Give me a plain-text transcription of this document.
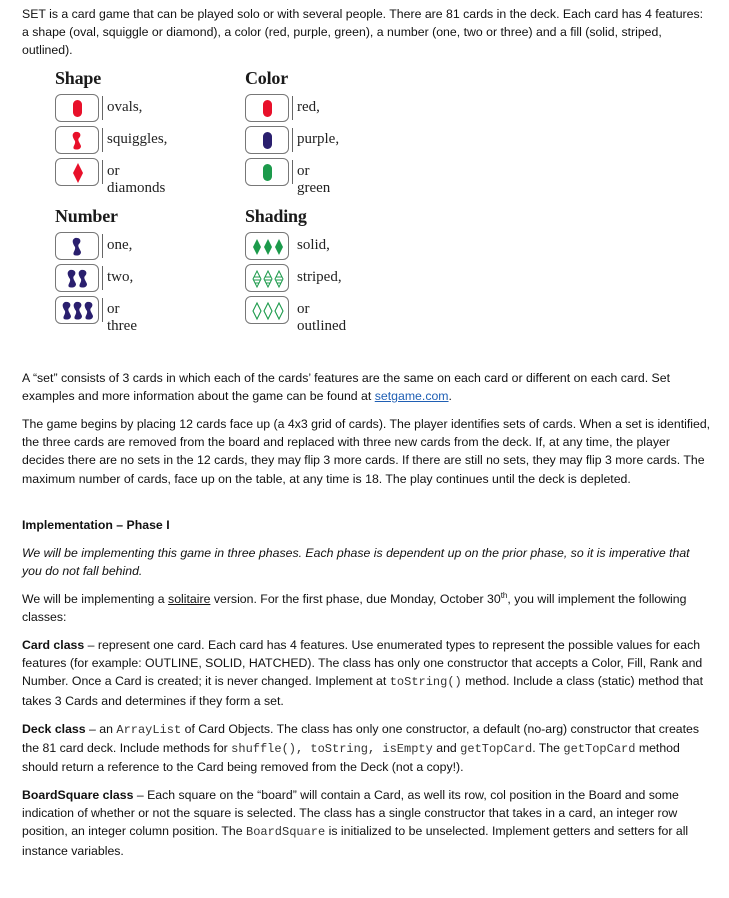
SET is a card game that can be played solo or with several people. There are 81 cards in the deck. Each card has 4 features: a shape (oval, squiggle or diamond), a color (red, purple, green), a number (one, two or three) and a fill (solid, striped, outlined).

Shape
ovals,
squiggles,
or diamonds
Color
red,
purple,
or green
Number
one,
two,
or three
Shading
solid,
striped,
or outlined

A “set” consists of 3 cards in which each of the cards’ features are the same on each card or different on each card. Set examples and more information about the game can be found at setgame.com.

The game begins by placing 12 cards face up (a 4x3 grid of cards). The player identifies sets of cards. When a set is identified, the three cards are removed from the board and replaced with three new cards from the deck. If, at any time, the player decides there are no sets in the 12 cards, they may flip 3 more cards. If there are still no sets, they may flip 3 more cards. The maximum number of cards, face up on the table, at any time is 18. The play continues until the deck is depleted.

Implementation – Phase I

We will be implementing this game in three phases. Each phase is dependent up on the prior phase, so it is imperative that you do not fall behind.

We will be implementing a solitaire version. For the first phase, due Monday, October 30th, you will implement the following classes:

Card class – represent one card. Each card has 4 features. Use enumerated types to represent the possible values for each features (for example: OUTLINE, SOLID, HATCHED). The class has only one constructor that accepts a Color, Fill, Rank and Number. Once a Card is created; it is never changed. Implement at toString() method. Include a class (static) method that takes 3 Cards and determines if they form a set.

Deck class – an ArrayList of Card Objects. The class has only one constructor, a default (no-arg) constructor that creates the 81 card deck. Include methods for shuffle(), toString, isEmpty and getTopCard. The getTopCard method should return a reference to the Card being removed from the Deck (not a copy!).

BoardSquare class – Each square on the “board” will contain a Card, as well its row, col position in the Board and some indication of whether or not the square is selected. The class has a single constructor that takes in a card, an integer row position, an integer column position. The BoardSquare is initialized to be unselected. Implement getters and setters for all instance variables.
